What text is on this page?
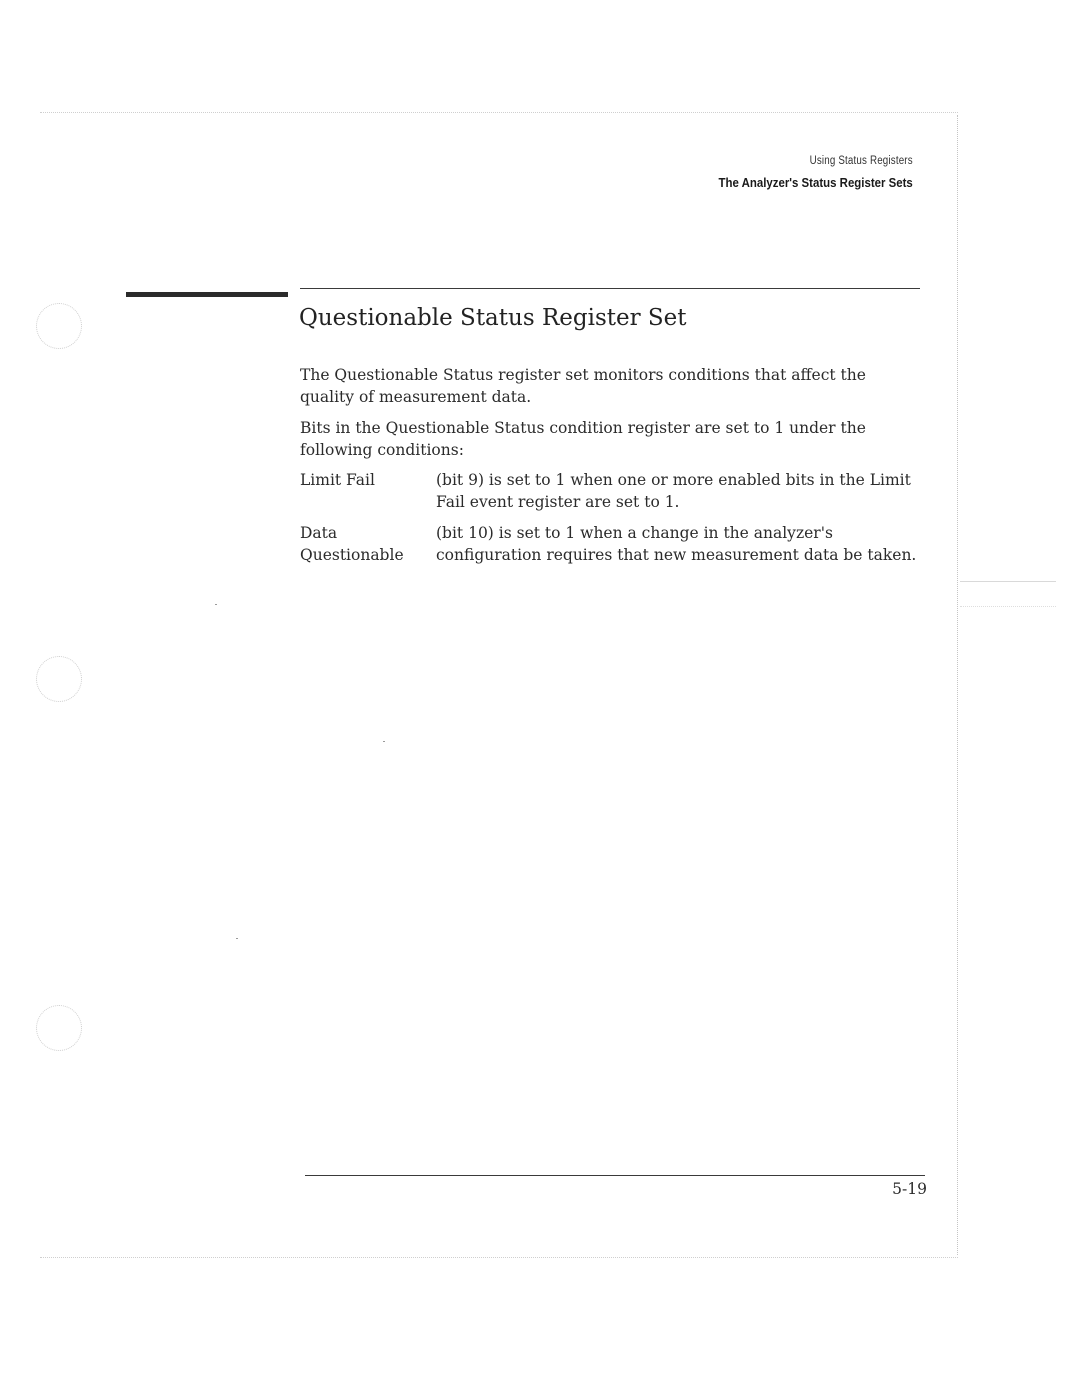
Using Status Registers
The Analyzer's Status Register Sets
Questionable Status Register Set

The Questionable Status register set monitors conditions that affect the quality of measurement data.

Bits in the Questionable Status condition register are set to 1 under the following conditions:

Limit Fail	(bit 9) is set to 1 when one or more enabled bits in the Limit Fail event register are set to 1.
Data Questionable
(bit 10) is set to 1 when a change in the analyzer's configuration requires that new measurement data be taken.
5-19
